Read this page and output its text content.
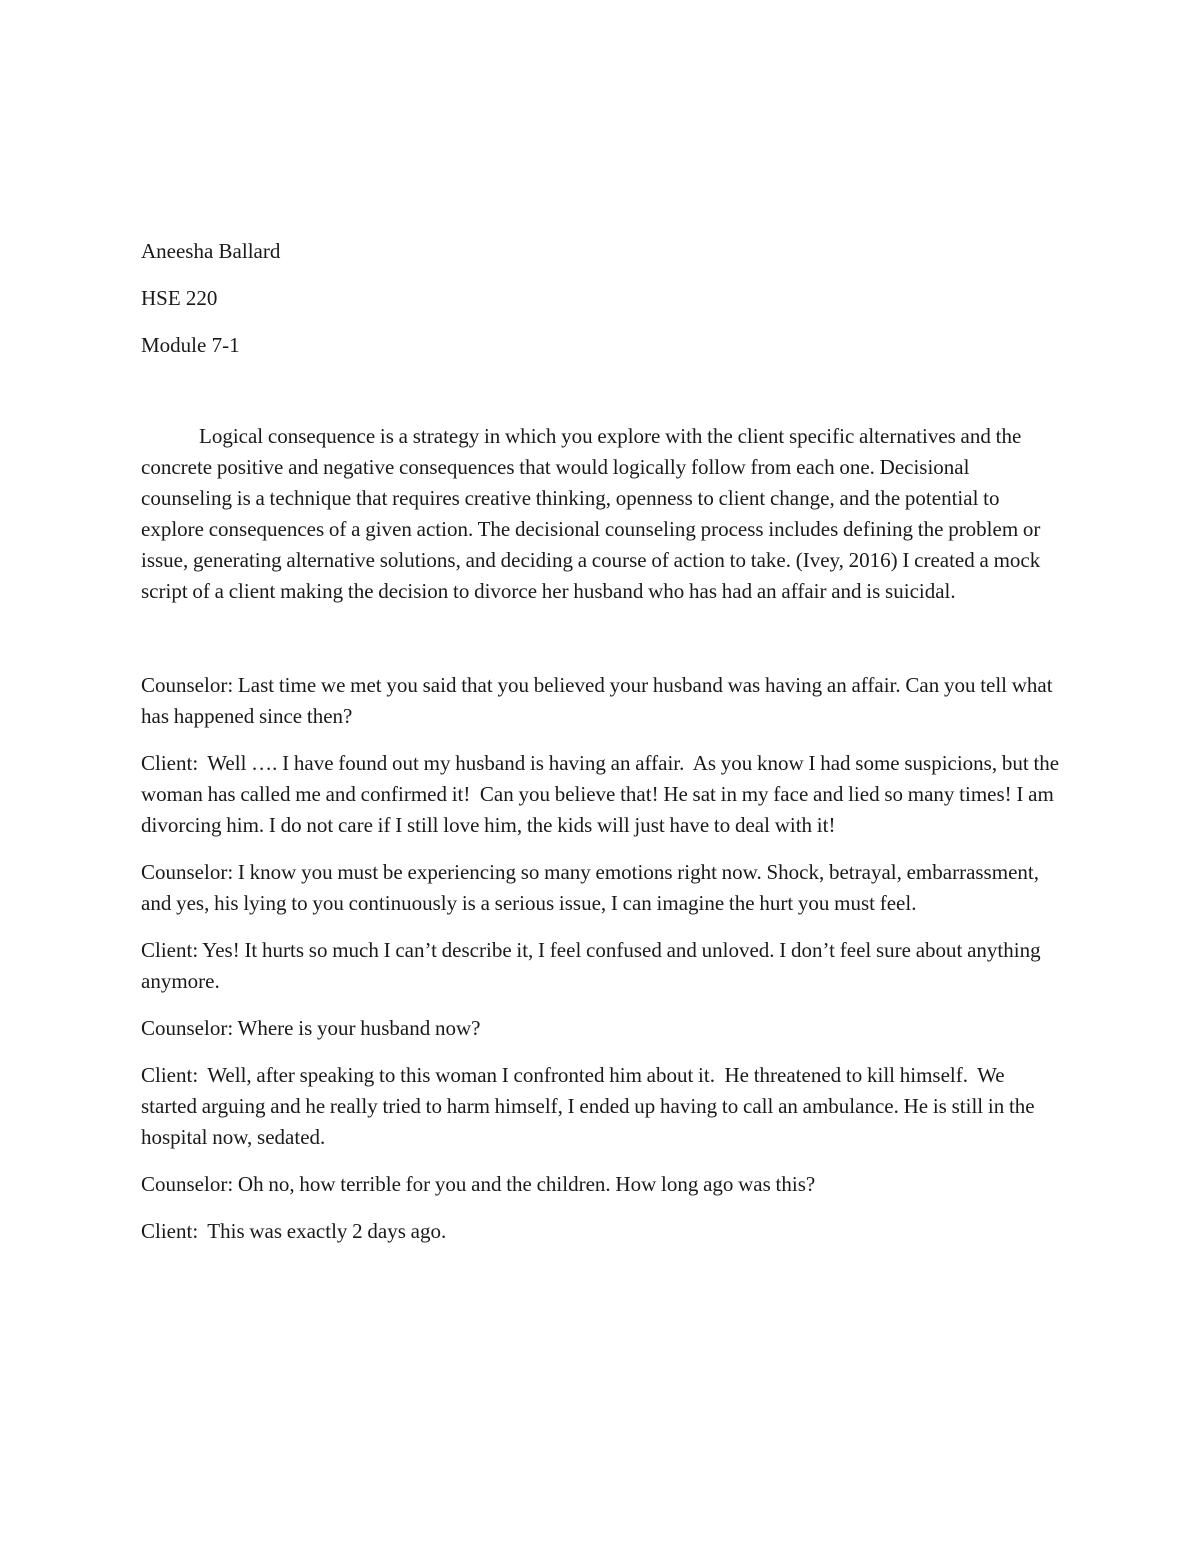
Aneesha Ballard

HSE 220

Module 7-1

Logical consequence is a strategy in which you explore with the client specific alternatives and the concrete positive and negative consequences that would logically follow from each one. Decisional counseling is a technique that requires creative thinking, openness to client change, and the potential to explore consequences of a given action. The decisional counseling process includes defining the problem or issue, generating alternative solutions, and deciding a course of action to take. (Ivey, 2016) I created a mock script of a client making the decision to divorce her husband who has had an affair and is suicidal.

Counselor: Last time we met you said that you believed your husband was having an affair. Can you tell what has happened since then?

Client:  Well …. I have found out my husband is having an affair.  As you know I had some suspicions, but the woman has called me and confirmed it!  Can you believe that! He sat in my face and lied so many times! I am divorcing him. I do not care if I still love him, the kids will just have to deal with it!

Counselor: I know you must be experiencing so many emotions right now. Shock, betrayal, embarrassment, and yes, his lying to you continuously is a serious issue, I can imagine the hurt you must feel.

Client: Yes! It hurts so much I can’t describe it, I feel confused and unloved. I don’t feel sure about anything anymore.

Counselor: Where is your husband now?

Client:  Well, after speaking to this woman I confronted him about it.  He threatened to kill himself.  We started arguing and he really tried to harm himself, I ended up having to call an ambulance. He is still in the hospital now, sedated.

Counselor: Oh no, how terrible for you and the children. How long ago was this?

Client:  This was exactly 2 days ago.
